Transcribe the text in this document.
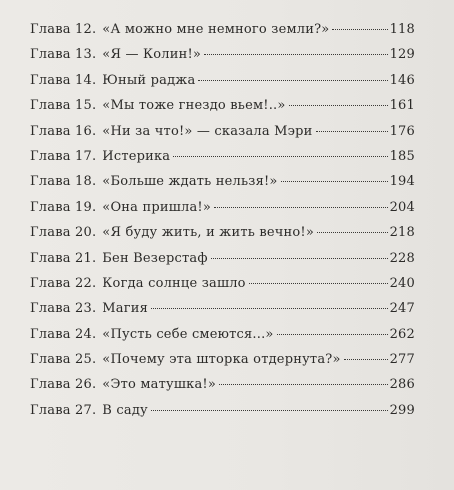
Глава 12. «А можно мне немного земли?»	118
Глава 13. «Я — Колин!»	129
Глава 14. Юный раджа	146
Глава 15. «Мы тоже гнездо вьем!..»	161
Глава 16. «Ни за что!» — сказала Мэри	176
Глава 17. Истерика	185
Глава 18. «Больше ждать нельзя!»	194
Глава 19. «Она пришла!»	204
Глава 20. «Я буду жить, и жить вечно!»	218
Глава 21. Бен Везерстаф	228
Глава 22. Когда солнце зашло	240
Глава 23. Магия	247
Глава 24. «Пусть себе смеются...»	262
Глава 25. «Почему эта шторка отдернута?»	277
Глава 26. «Это матушка!»	286
Глава 27. В саду	299
